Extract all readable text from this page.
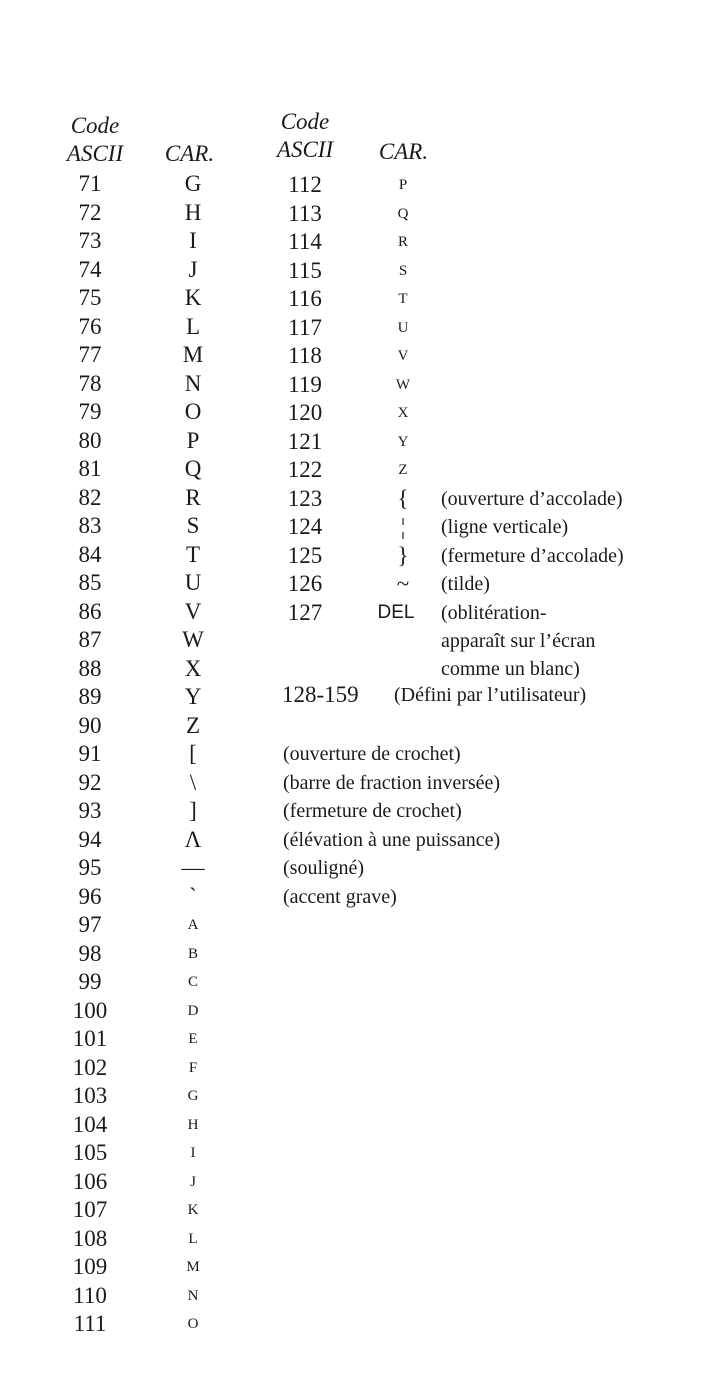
Code
ASCII	CAR.
Code
ASCII	CAR.
71	G
72	H
73	I
74	J
75	K
76	L
77	M
78	N
79	O
80	P
81	Q
82	R
83	S
84	T
85	U
86	V
87	W
88	X
89	Y
90	Z
91	[	(ouverture de crochet)
92	\	(barre de fraction inversée)
93	]	(fermeture de crochet)
94	Λ	(élévation à une puissance)
95	—	(souligné)
96	`	(accent grave)
97	A
98	B
99	C
100	D
101	E
102	F
103	G
104	H
105	I
106	J
107	K
108	L
109	M
110	N
111	O
112	P
113	Q
114	R
115	S
116	T
117	U
118	V
119	W
120	X
121	Y
122	Z
123	{	(ouverture d’accolade)
124	¦	(ligne verticale)
125	}	(fermeture d’accolade)
126	~	(tilde)
127	DEL	(oblitération-
apparaît sur l’écran
comme un blanc)
128-159	(Défini par l’utilisateur)
